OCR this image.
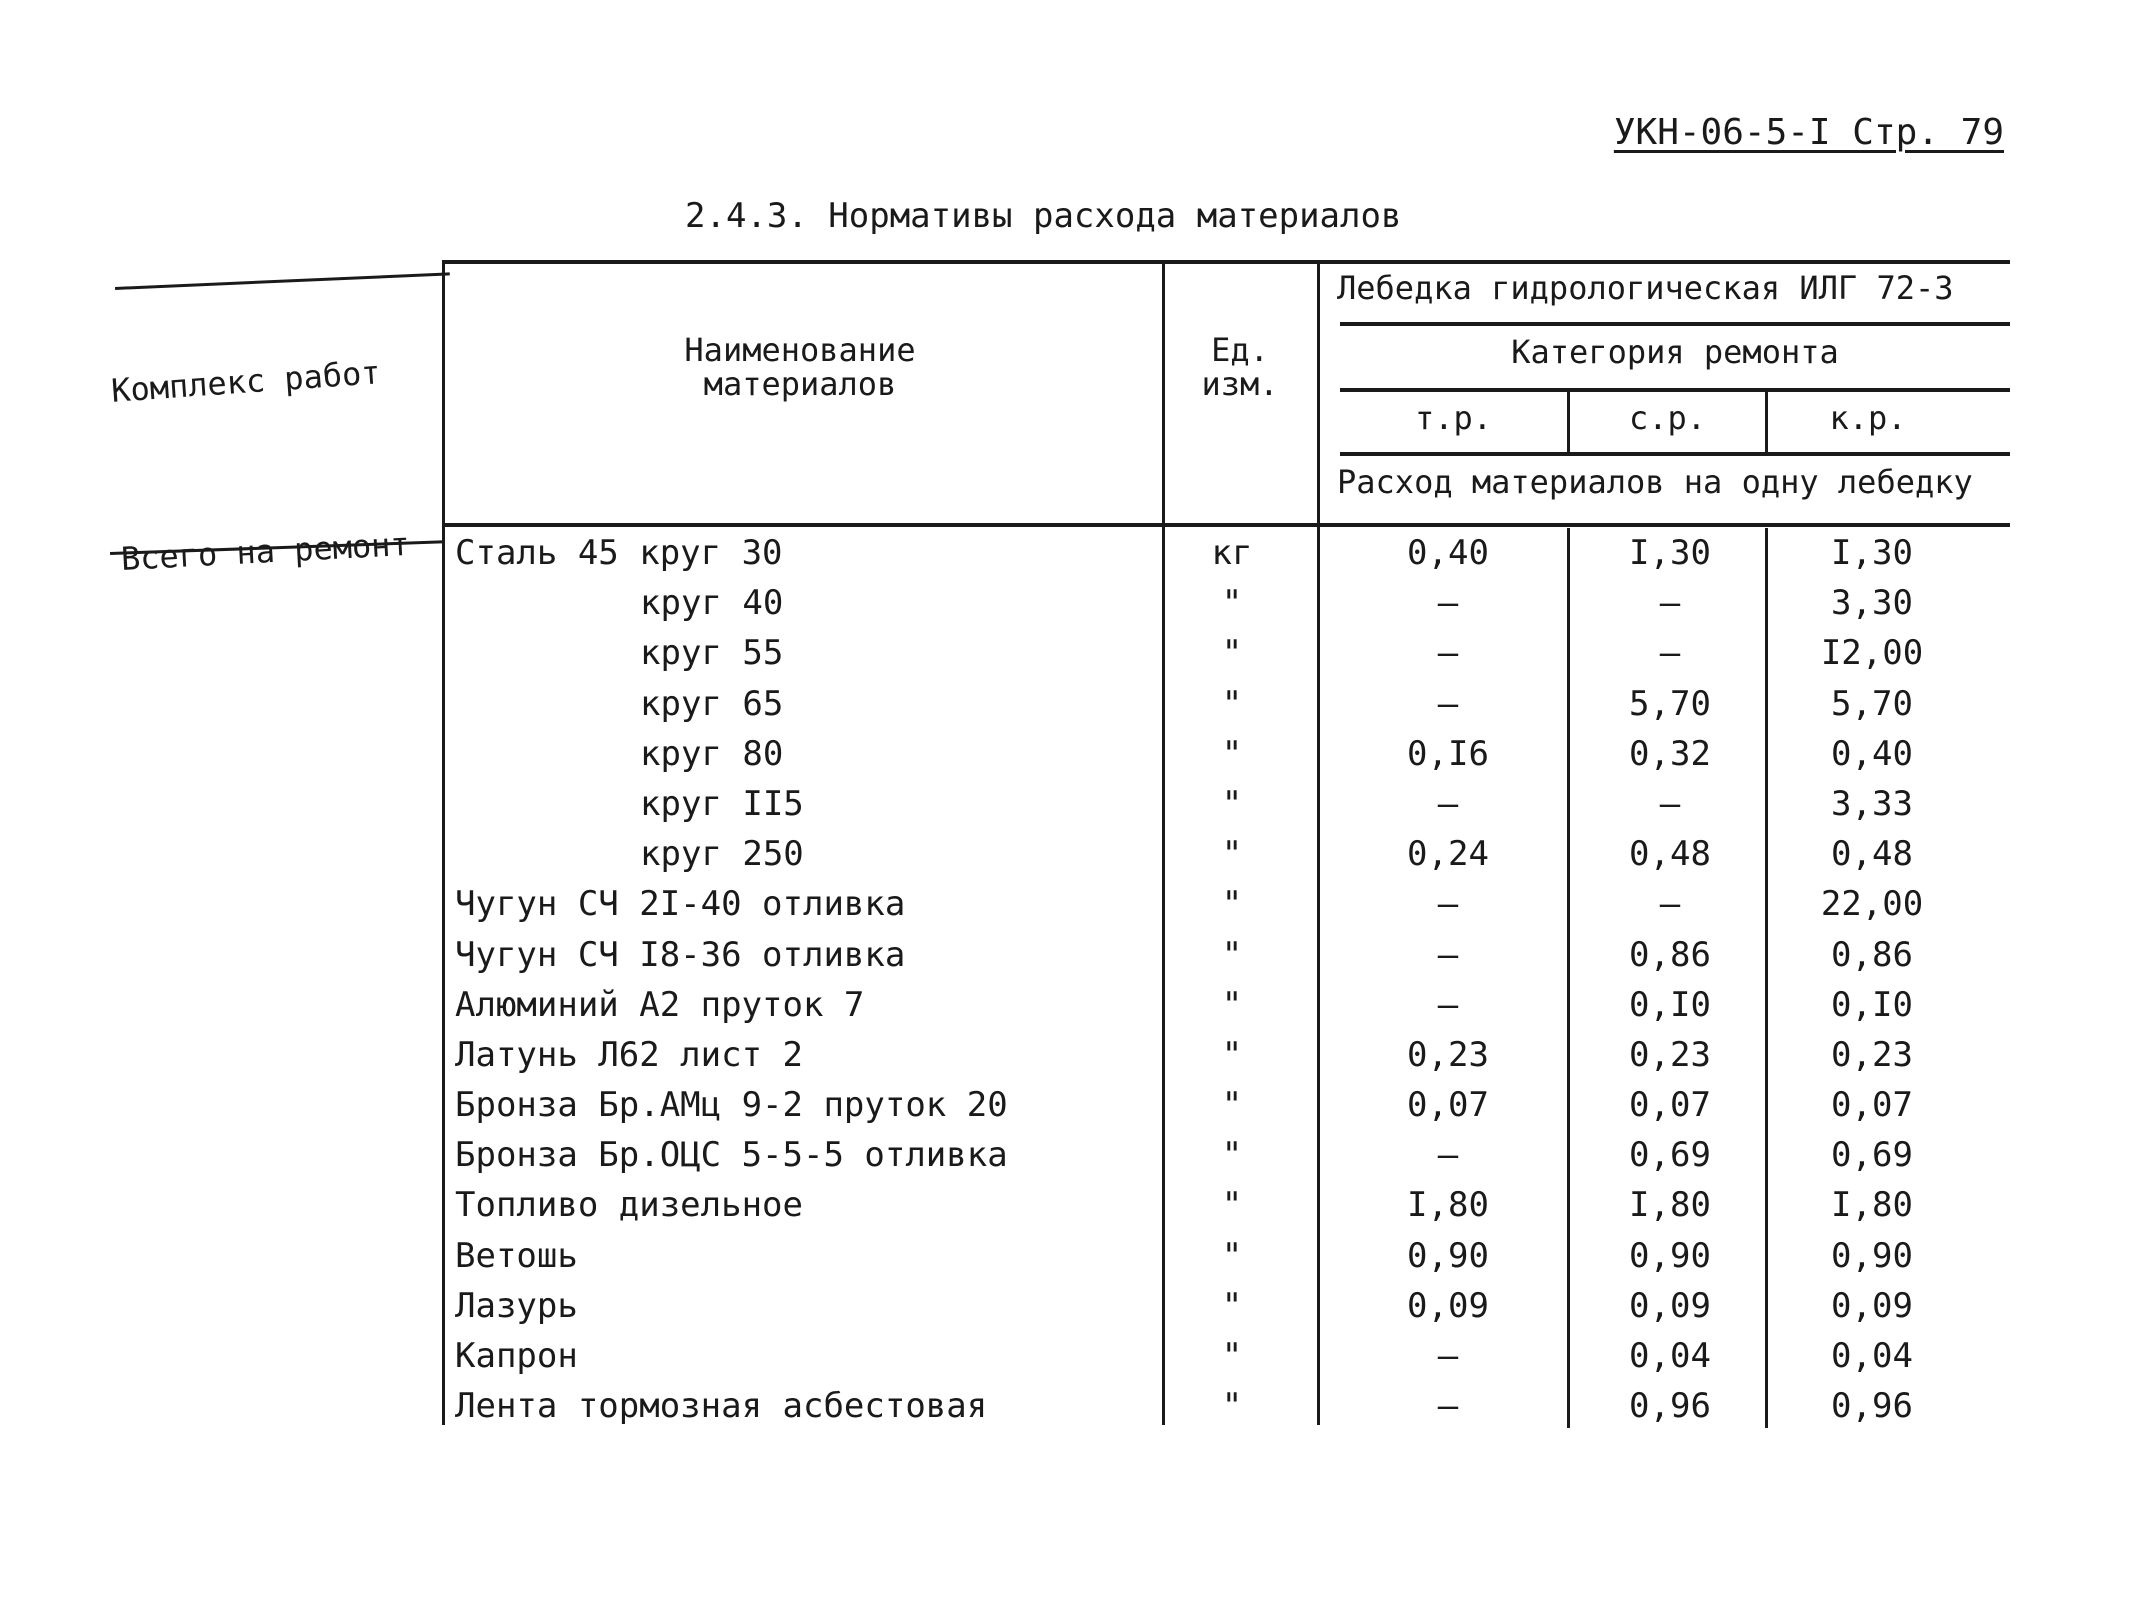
УКН-06-5-I Стр. 79
2.4.3. Нормативы расхода материалов
Комплекс работ
Наименование материалов
Ед. изм.
Лебедка гидрологическая ИЛГ 72-3
Категория ремонта
т.р.	с.р.	к.р.
Расход материалов на одну лебедку
Всего на ремонт Сталь 45 круг 30	кг	0,40	I,30	I,30
круг 40	"	–	–	3,30
круг 55	"	–	–	I2,00
круг 65	"	–	5,70	5,70
круг 80	"	0,I6	0,32	0,40
круг II5	"	–	–	3,33
круг 250	"	0,24	0,48	0,48
Чугун СЧ 2I-40 отливка	"	–	–	22,00
Чугун СЧ I8-36 отливка	"	–	0,86	0,86
Алюминий А2 пруток 7	"	–	0,I0	0,I0
Латунь Л62 лист 2	"	0,23	0,23	0,23
Бронза Бр.АМц 9-2 пруток 20	"	0,07	0,07	0,07
Бронза Бр.ОЦС 5-5-5 отливка	"	–	0,69	0,69
Топливо дизельное	"	I,80	I,80	I,80
Ветошь	"	0,90	0,90	0,90
Лазурь	"	0,09	0,09	0,09
Капрон	"	–	0,04	0,04
Лента тормозная асбестовая	"	–	0,96	0,96
